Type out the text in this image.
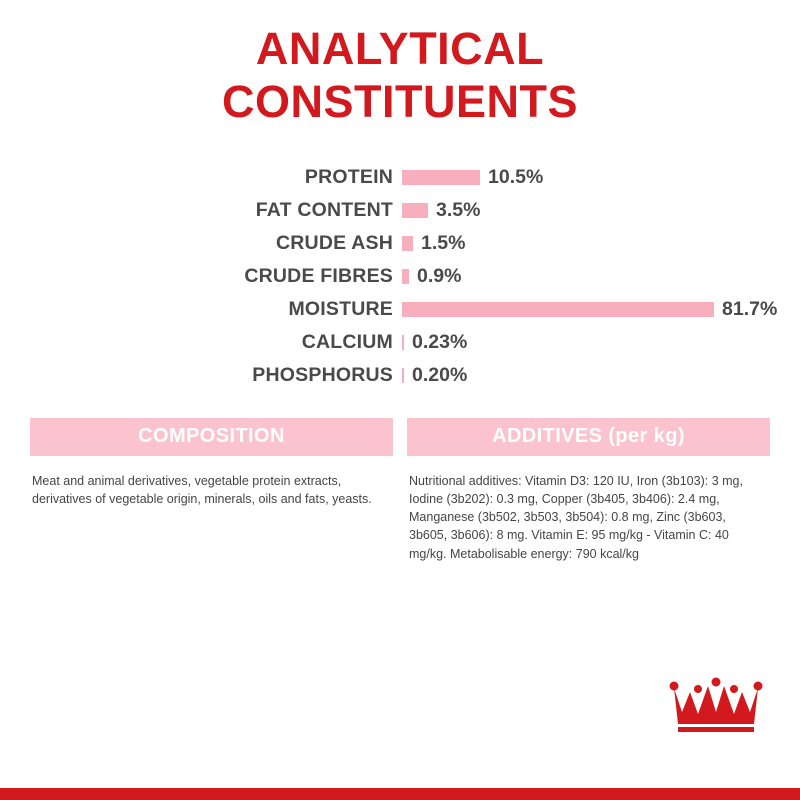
ANALYTICAL
CONSTITUENTS
PROTEIN	10.5%
FAT CONTENT	3.5%
CRUDE ASH	1.5%
CRUDE FIBRES	0.9%
MOISTURE	81.7%
CALCIUM 0.23%
PHOSPHORUS 0.20%
COMPOSITION
Meat and animal derivatives, vegetable protein extracts, derivatives of vegetable origin, minerals, oils and fats, yeasts.
ADDITIVES (per kg)
Nutritional additives: Vitamin D3: 120 IU, Iron (3b103): 3 mg, Iodine (3b202): 0.3 mg, Copper (3b405, 3b406): 2.4 mg, Manganese (3b502, 3b503, 3b504): 0.8 mg, Zinc (3b603, 3b605, 3b606): 8 mg. Vitamin E: 95 mg/kg - Vitamin C: 40 mg/kg. Metabolisable energy: 790 kcal/kg
